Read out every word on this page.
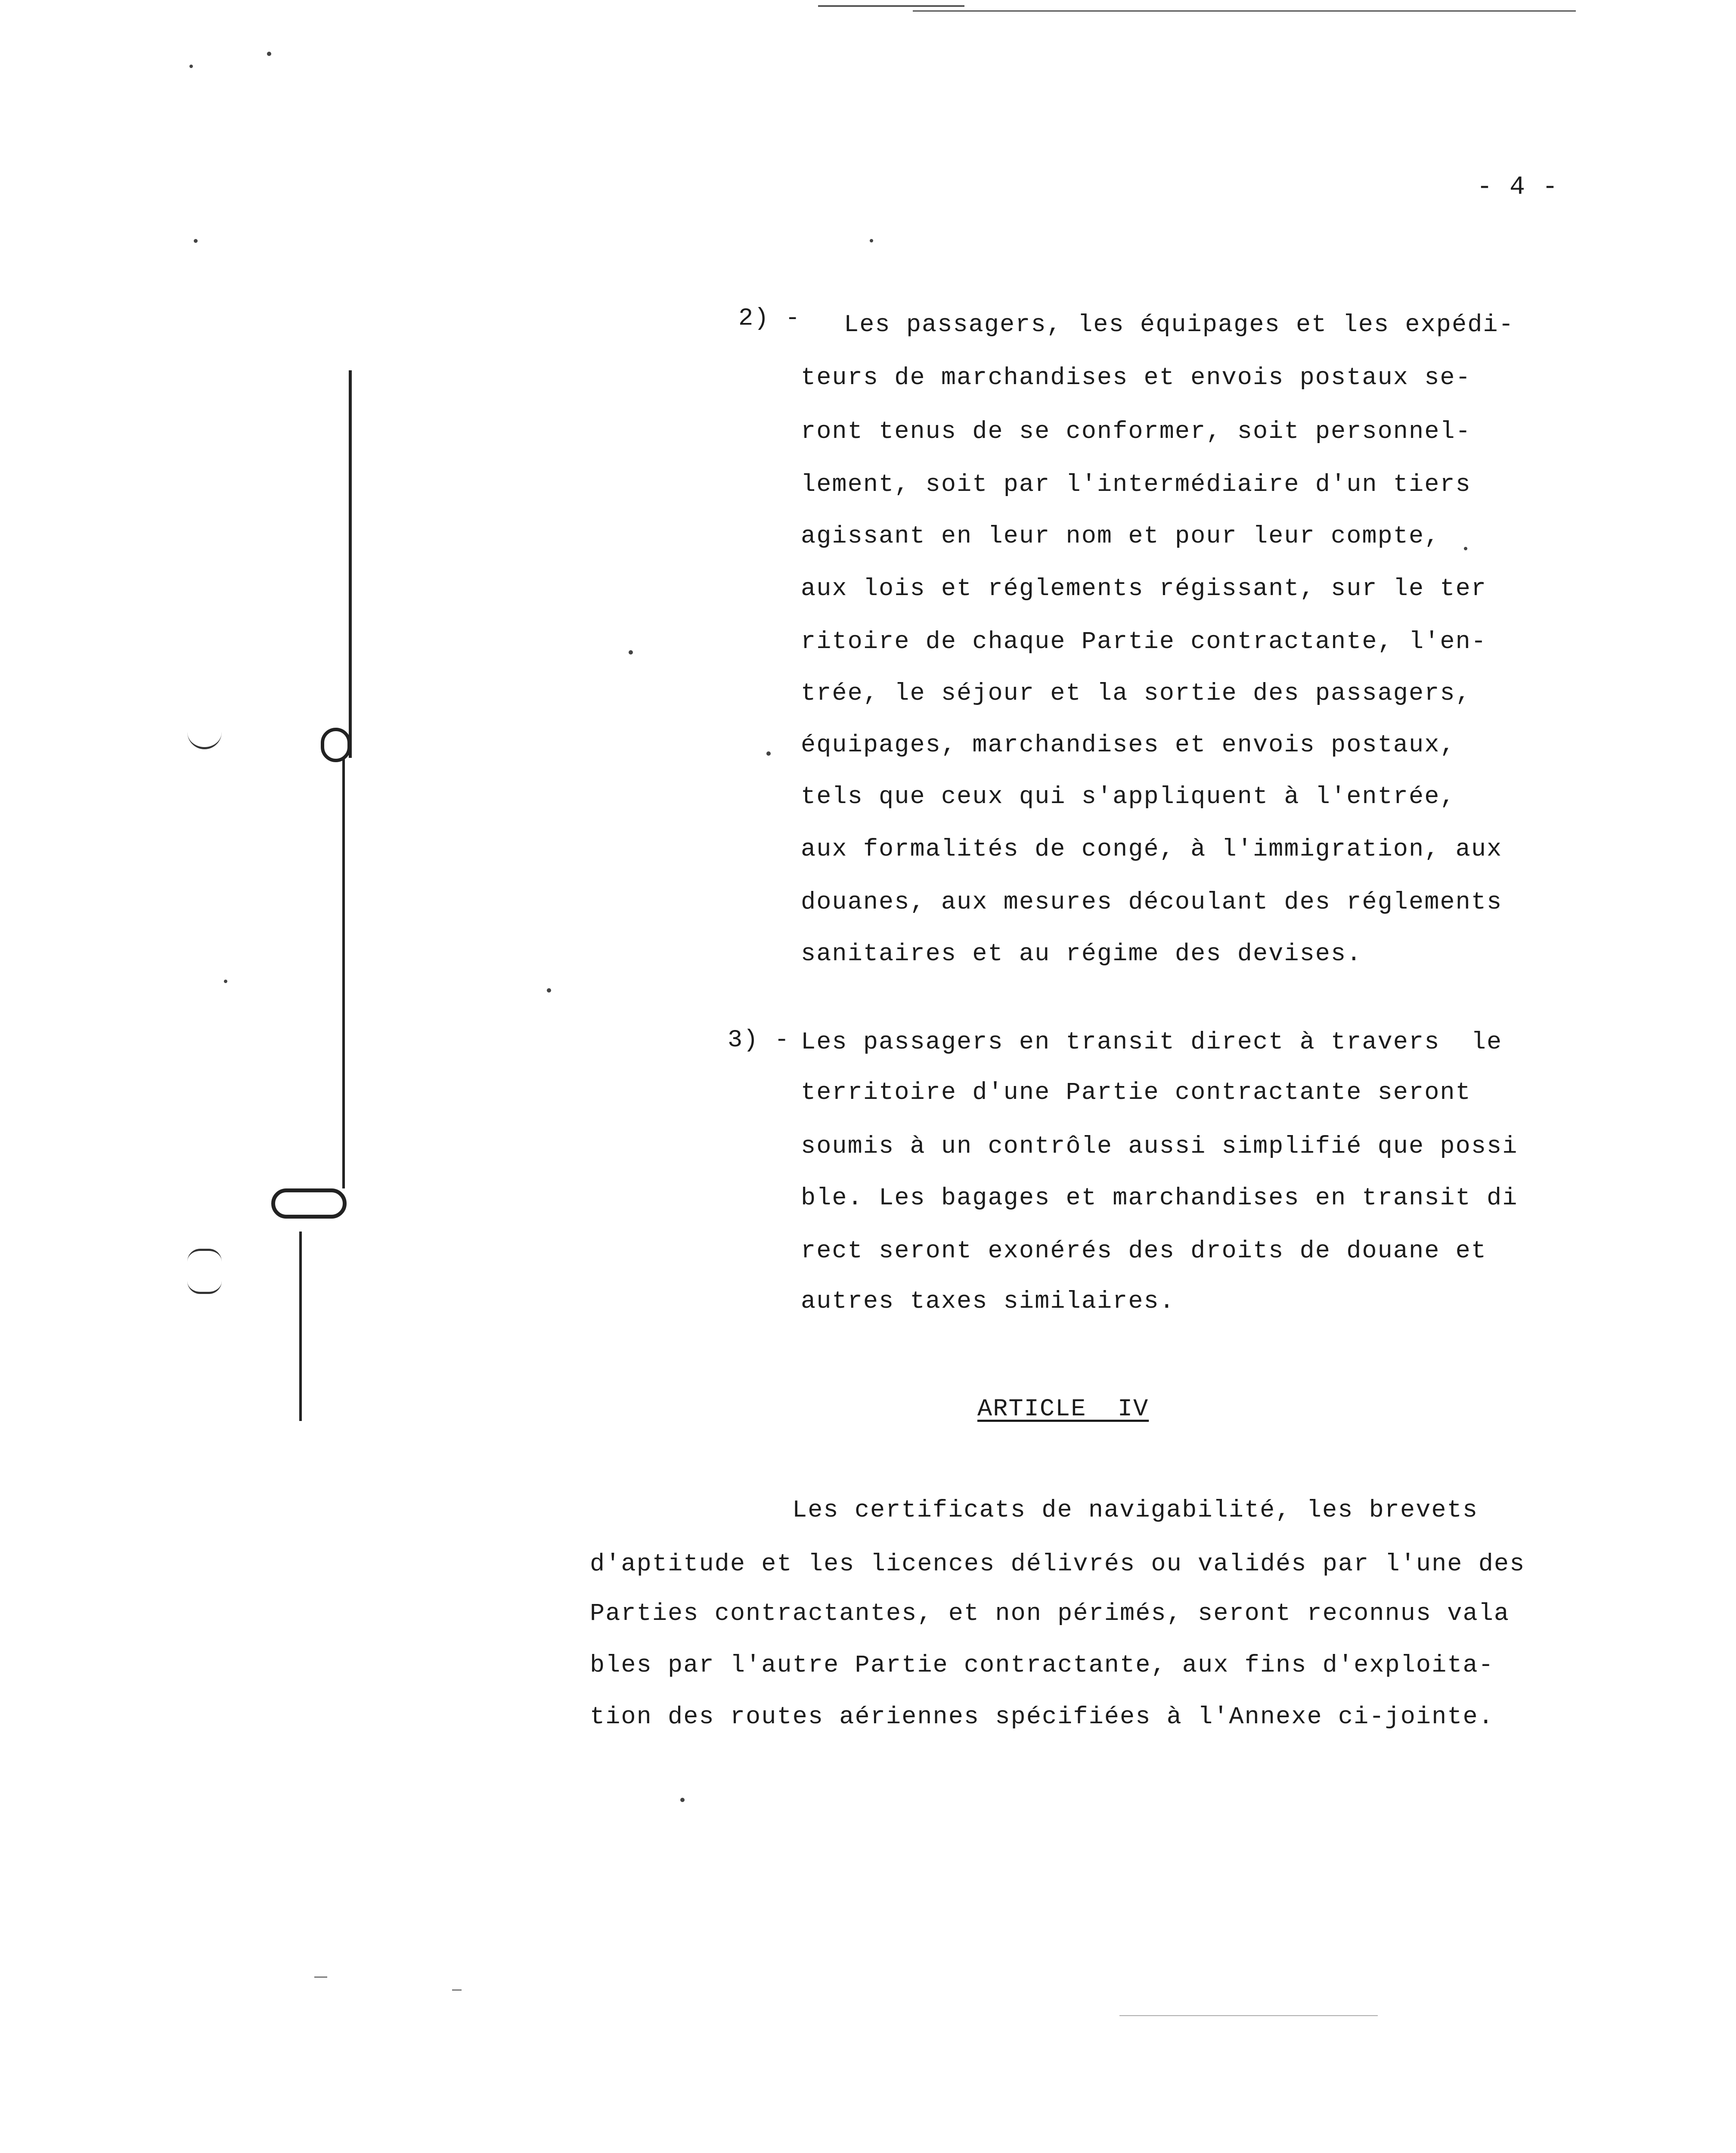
- 4 -
2) - Les passagers, les équipages et les expédi-
teurs de marchandises et envois postaux se-
ront tenus de se conformer, soit personnel-
lement, soit par l'intermédiaire d'un tiers
agissant en leur nom et pour leur compte,
aux lois et réglements régissant, sur le ter
ritoire de chaque Partie contractante, l'en-
trée, le séjour et la sortie des passagers,
équipages, marchandises et envois postaux,
tels que ceux qui s'appliquent à l'entrée,
aux formalités de congé, à l'immigration, aux
douanes, aux mesures découlant des réglements
sanitaires et au régime des devises.
3) - Les passagers en transit direct à travers  le
territoire d'une Partie contractante seront
soumis à un contrôle aussi simplifié que possi
ble. Les bagages et marchandises en transit di
rect seront exonérés des droits de douane et
autres taxes similaires.
ARTICLE  IV
Les certificats de navigabilité, les brevets
d'aptitude et les licences délivrés ou validés par l'une des
Parties contractantes, et non périmés, seront reconnus vala
bles par l'autre Partie contractante, aux fins d'exploita-
tion des routes aériennes spécifiées à l'Annexe ci-jointe.
